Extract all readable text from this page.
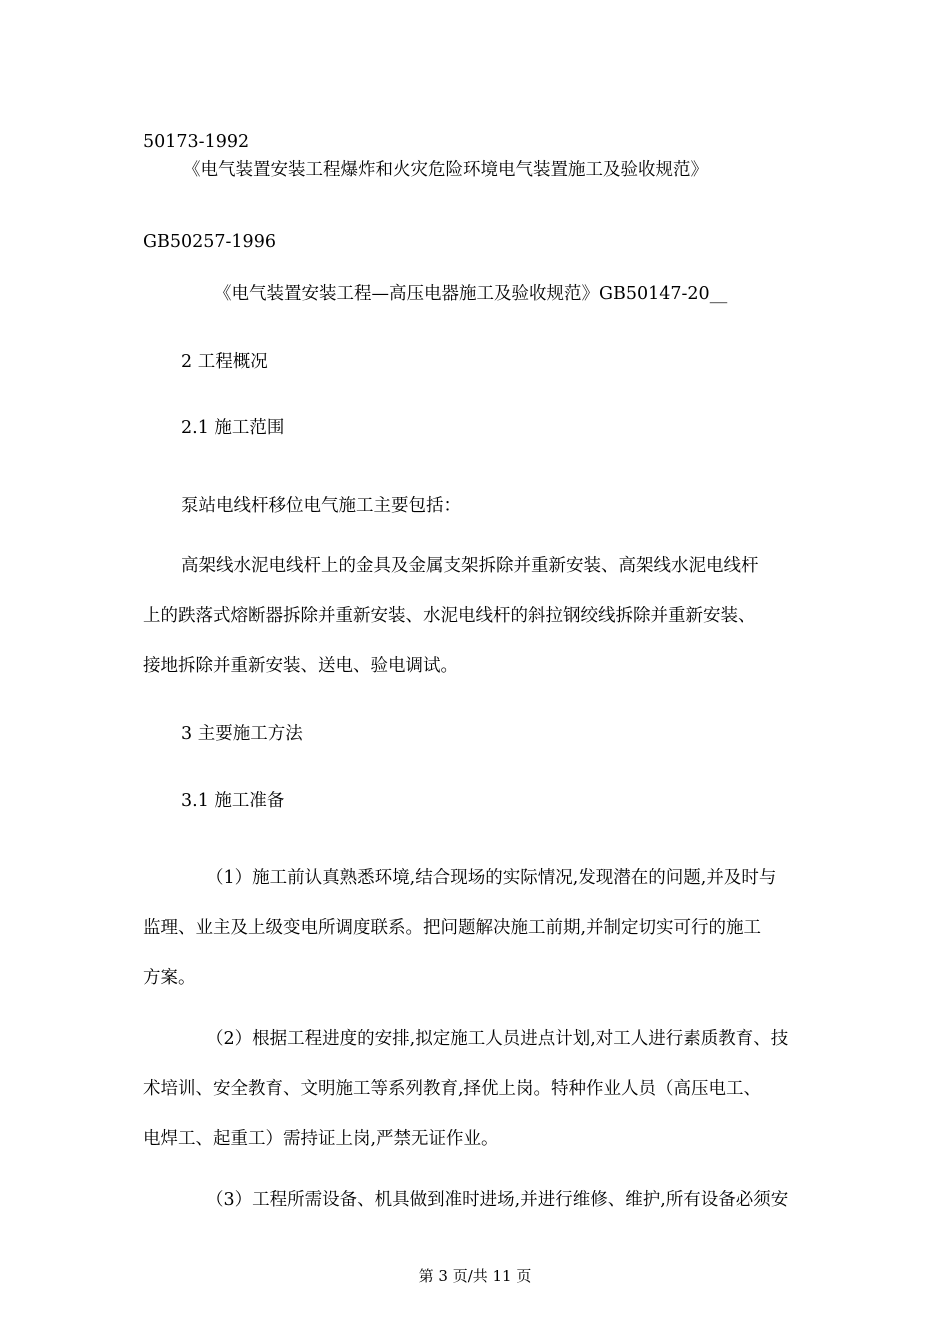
50173-1992
《电气装置安装工程爆炸和火灾危险环境电气装置施工及验收规范》
GB50257-1996
《电气装置安装工程—高压电器施工及验收规范》GB50147-20__
2 工程概况
2.1 施工范围
泵站电线杆移位电气施工主要包括：
高架线水泥电线杆上的金具及金属支架拆除并重新安装、高架线水泥电线杆
上的跌落式熔断器拆除并重新安装、水泥电线杆的斜拉钢绞线拆除并重新安装、
接地拆除并重新安装、送电、验电调试。
3 主要施工方法
3.1 施工准备
（1）施工前认真熟悉环境,结合现场的实际情况,发现潜在的问题,并及时与
监理、业主及上级变电所调度联系。把问题解决施工前期,并制定切实可行的施工
方案。
（2）根据工程进度的安排,拟定施工人员进点计划,对工人进行素质教育、技
术培训、安全教育、文明施工等系列教育,择优上岗。特种作业人员（高压电工、
电焊工、起重工）需持证上岗,严禁无证作业。
（3）工程所需设备、机具做到准时进场,并进行维修、维护,所有设备必须安
第 3 页/共 11 页
